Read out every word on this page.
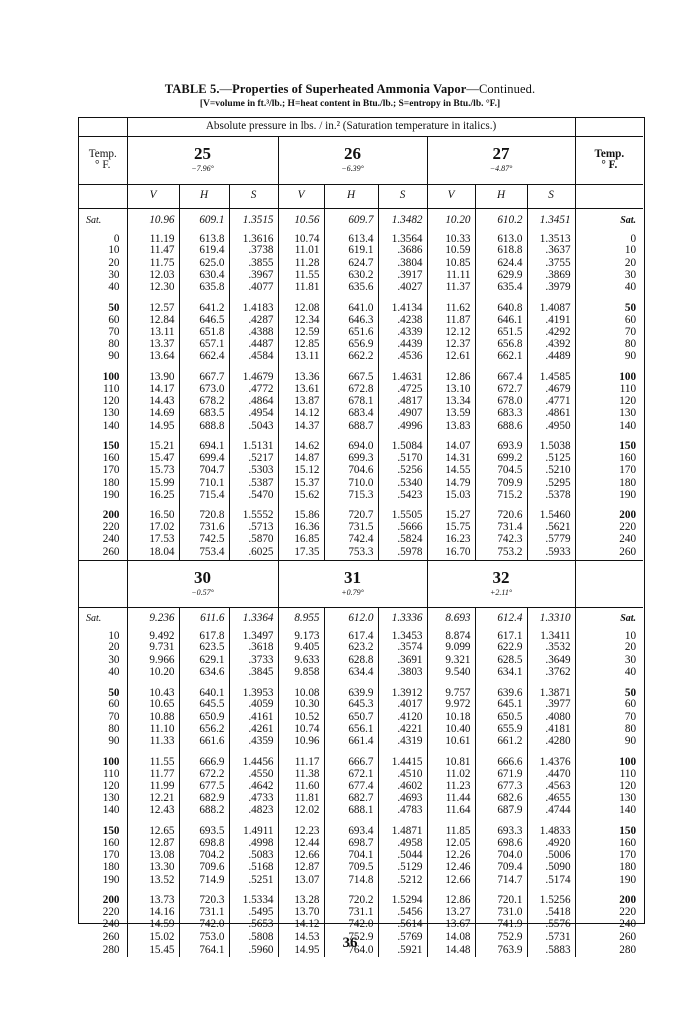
TABLE 5.—Properties of Superheated Ammonia Vapor—Continued.
[V=volume in ft.³/lb.; H=heat content in Btu./lb.; S=entropy in Btu./lb. °F.]
	Absolute pressure in lbs. / in.² (Saturation temperature in italics.)									
Temp.
° F.	25
−7.96°			26
−6.39°			27
−4.87°			Temp.
° F.
	V	H	S	V	H	S	V	H	S	
Sat.	10.96	609.1	1.3515	10.56	609.7	1.3482	10.20	610.2	1.3451	Sat.
0	11.19	613.8	1.3616	10.74	613.4	1.3564	10.33	613.0	1.3513	0
10	11.47	619.4	.3738	11.01	619.1	.3686	10.59	618.8	.3637	10
20	11.75	625.0	.3855	11.28	624.7	.3804	10.85	624.4	.3755	20
30	12.03	630.4	.3967	11.55	630.2	.3917	11.11	629.9	.3869	30
40	12.30	635.8	.4077	11.81	635.6	.4027	11.37	635.4	.3979	40
50	12.57	641.2	1.4183	12.08	641.0	1.4134	11.62	640.8	1.4087	50
60	12.84	646.5	.4287	12.34	646.3	.4238	11.87	646.1	.4191	60
70	13.11	651.8	.4388	12.59	651.6	.4339	12.12	651.5	.4292	70
80	13.37	657.1	.4487	12.85	656.9	.4439	12.37	656.8	.4392	80
90	13.64	662.4	.4584	13.11	662.2	.4536	12.61	662.1	.4489	90
100	13.90	667.7	1.4679	13.36	667.5	1.4631	12.86	667.4	1.4585	100
110	14.17	673.0	.4772	13.61	672.8	.4725	13.10	672.7	.4679	110
120	14.43	678.2	.4864	13.87	678.1	.4817	13.34	678.0	.4771	120
130	14.69	683.5	.4954	14.12	683.4	.4907	13.59	683.3	.4861	130
140	14.95	688.8	.5043	14.37	688.7	.4996	13.83	688.6	.4950	140
150	15.21	694.1	1.5131	14.62	694.0	1.5084	14.07	693.9	1.5038	150
160	15.47	699.4	.5217	14.87	699.3	.5170	14.31	699.2	.5125	160
170	15.73	704.7	.5303	15.12	704.6	.5256	14.55	704.5	.5210	170
180	15.99	710.1	.5387	15.37	710.0	.5340	14.79	709.9	.5295	180
190	16.25	715.4	.5470	15.62	715.3	.5423	15.03	715.2	.5378	190
200	16.50	720.8	1.5552	15.86	720.7	1.5505	15.27	720.6	1.5460	200
220	17.02	731.6	.5713	16.36	731.5	.5666	15.75	731.4	.5621	220
240	17.53	742.5	.5870	16.85	742.4	.5824	16.23	742.3	.5779	240
260	18.04	753.4	.6025	17.35	753.3	.5978	16.70	753.2	.5933	260
	30
−0.57°			31
+0.79°			32
+2.11°			
Sat.	9.236	611.6	1.3364	8.955	612.0	1.3336	8.693	612.4	1.3310	Sat.
10	9.492	617.8	1.3497	9.173	617.4	1.3453	8.874	617.1	1.3411	10
20	9.731	623.5	.3618	9.405	623.2	.3574	9.099	622.9	.3532	20
30	9.966	629.1	.3733	9.633	628.8	.3691	9.321	628.5	.3649	30
40	10.20	634.6	.3845	9.858	634.4	.3803	9.540	634.1	.3762	40
50	10.43	640.1	1.3953	10.08	639.9	1.3912	9.757	639.6	1.3871	50
60	10.65	645.5	.4059	10.30	645.3	.4017	9.972	645.1	.3977	60
70	10.88	650.9	.4161	10.52	650.7	.4120	10.18	650.5	.4080	70
80	11.10	656.2	.4261	10.74	656.1	.4221	10.40	655.9	.4181	80
90	11.33	661.6	.4359	10.96	661.4	.4319	10.61	661.2	.4280	90
100	11.55	666.9	1.4456	11.17	666.7	1.4415	10.81	666.6	1.4376	100
110	11.77	672.2	.4550	11.38	672.1	.4510	11.02	671.9	.4470	110
120	11.99	677.5	.4642	11.60	677.4	.4602	11.23	677.3	.4563	120
130	12.21	682.9	.4733	11.81	682.7	.4693	11.44	682.6	.4655	130
140	12.43	688.2	.4823	12.02	688.1	.4783	11.64	687.9	.4744	140
150	12.65	693.5	1.4911	12.23	693.4	1.4871	11.85	693.3	1.4833	150
160	12.87	698.8	.4998	12.44	698.7	.4958	12.05	698.6	.4920	160
170	13.08	704.2	.5083	12.66	704.1	.5044	12.26	704.0	.5006	170
180	13.30	709.6	.5168	12.87	709.5	.5129	12.46	709.4	.5090	180
190	13.52	714.9	.5251	13.07	714.8	.5212	12.66	714.7	.5174	190
200	13.73	720.3	1.5334	13.28	720.2	1.5294	12.86	720.1	1.5256	200
220	14.16	731.1	.5495	13.70	731.1	.5456	13.27	731.0	.5418	220
240	14.59	742.0	.5653	14.12	742.0	.5614	13.67	741.9	.5576	240
260	15.02	753.0	.5808	14.53	752.9	.5769	14.08	752.9	.5731	260
280	15.45	764.1	.5960	14.95	764.0	.5921	14.48	763.9	.5883	280
36
